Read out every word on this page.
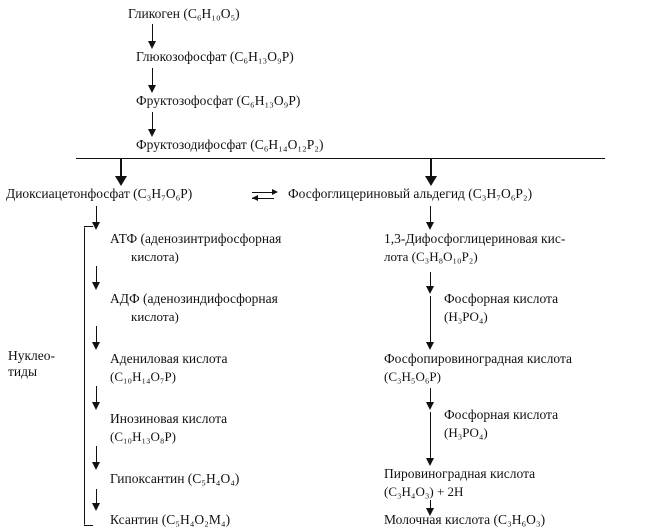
Гликоген (C₆H₁₀O₅)
Глюкозофосфат (C₆H₁₃O₉P)
Фруктозофосфат (C₆H₁₃O₉P)
Фруктозодифосфат (C₆H₁₄O₁₂P₂)
Диоксиацетонфосфат (C₃H₇O₆P)	Фосфоглицериновый альдегид (C₃H₇O₆P₂)
АТФ (аденозинтрифосфорная
кислота)
АДФ (аденозиндифосфорная
кислота)
Адениловая кислота
(C₁₀H₁₄O₇P)
Инозиновая кислота
(C₁₀H₁₃O₈P)
Гипоксантин (C₅H₄O₄)
Ксантин (C₅H₄O₂M₄)
Нуклео-
тиды
1,3-Дифосфоглицериновая кис-
лота (C₃H₈O₁₀P₂)
Фосфорная кислота
(H₃PO₄)
Фосфопировиноградная кислота
(C₃H₅O₆P)
Фосфорная кислота
(H₃PO₄)
Пировиноградная кислота
(C₃H₄O₃) + 2H
Молочная кислота (C₃H₆O₃)
